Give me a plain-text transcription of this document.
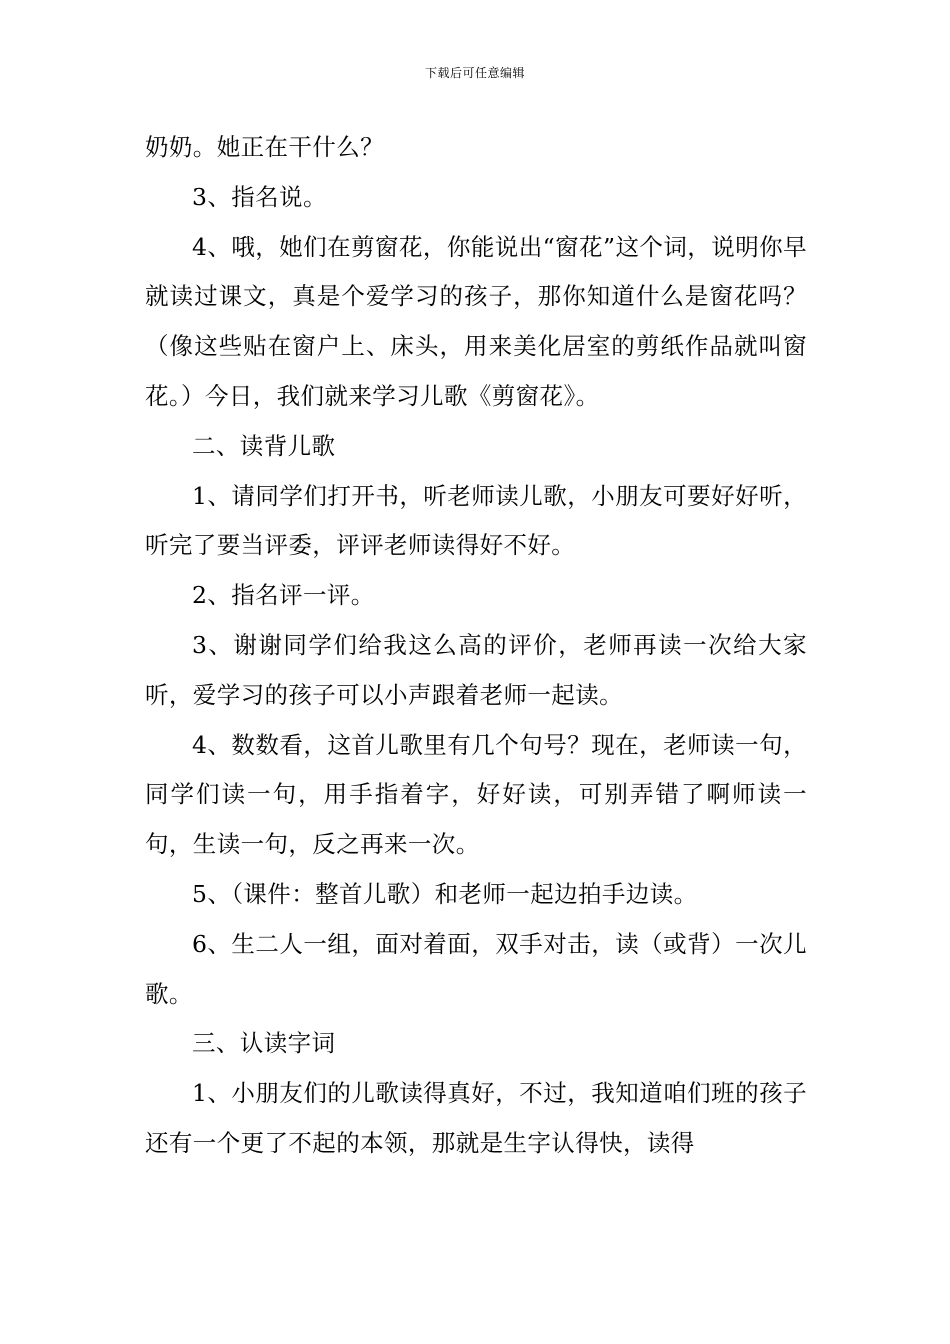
下载后可任意编辑

奶奶。她正在干什么？

3、指名说。

4、哦，她们在剪窗花，你能说出“窗花”这个词，说明你早就读过课文，真是个爱学习的孩子，那你知道什么是窗花吗？（像这些贴在窗户上、床头，用来美化居室的剪纸作品就叫窗花。）今日，我们就来学习儿歌《剪窗花》。

二、读背儿歌

1、请同学们打开书，听老师读儿歌，小朋友可要好好听，听完了要当评委，评评老师读得好不好。

2、指名评一评。

3、谢谢同学们给我这么高的评价，老师再读一次给大家听，爱学习的孩子可以小声跟着老师一起读。

4、数数看，这首儿歌里有几个句号？现在，老师读一句，同学们读一句，用手指着字，好好读，可别弄错了啊师读一句，生读一句，反之再来一次。

5、（课件：整首儿歌）和老师一起边拍手边读。

6、生二人一组，面对着面，双手对击，读（或背）一次儿歌。

三、认读字词

1、小朋友们的儿歌读得真好，不过，我知道咱们班的孩子还有一个更了不起的本领，那就是生字认得快，读得
